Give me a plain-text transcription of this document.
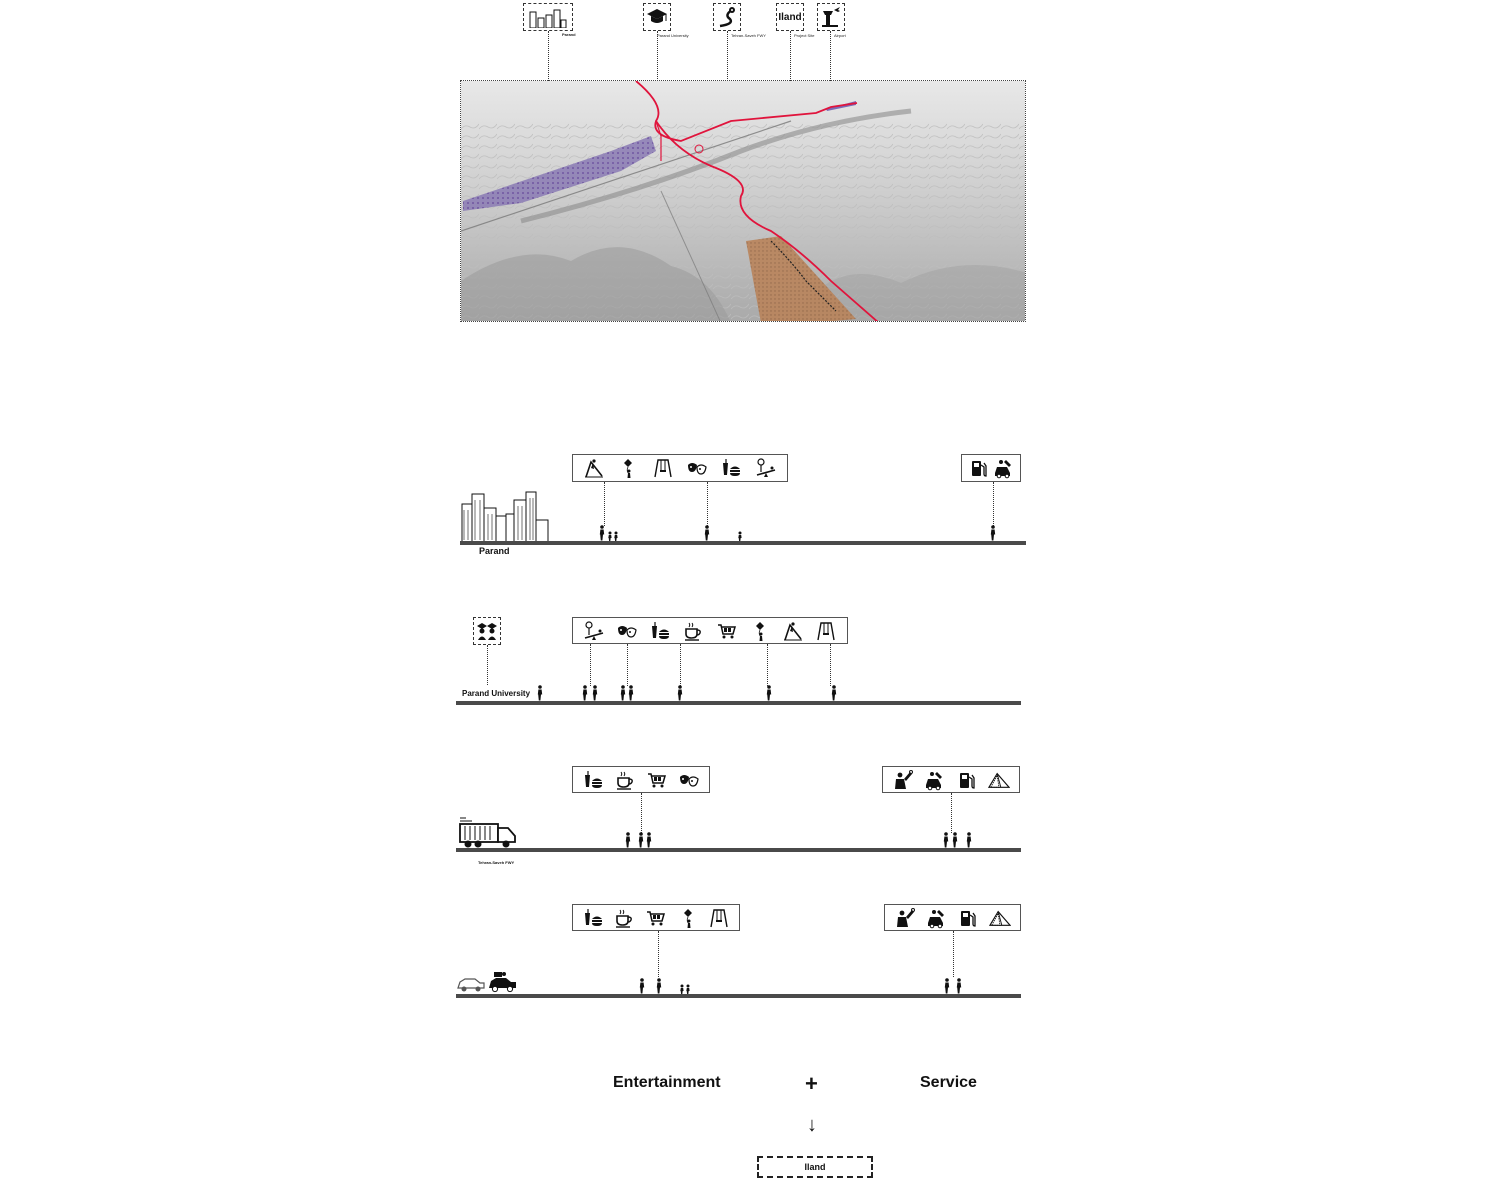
Parand	Parand University	Tehran-Saveh FWY
Iland
Project Site	Airport
Parand
Parand University
Tehran-Saveh FWY
Entertainment	+	Service
↓
Iland
